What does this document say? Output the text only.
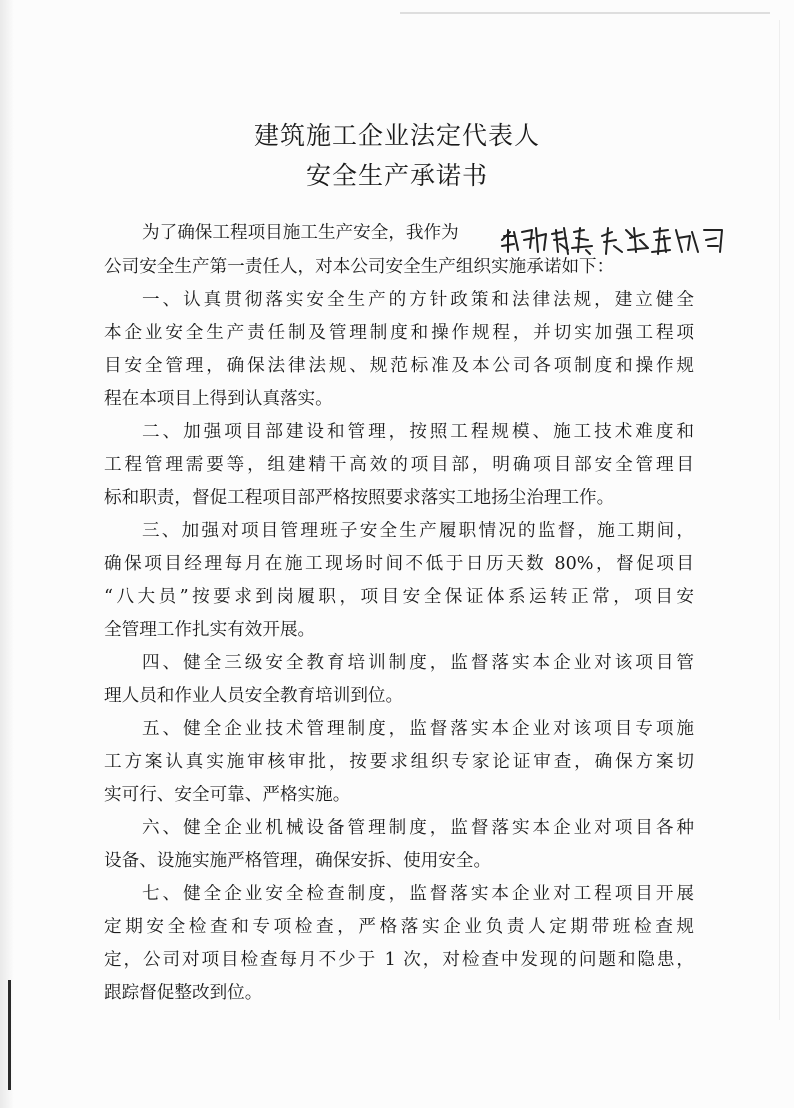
建筑施工企业法定代表人
安全生产承诺书
为了确保工程项目施工生产安全，我作为
公司安全生产第一责任人，对本公司安全生产组织实施承诺如下：
一、认真贯彻落实安全生产的方针政策和法律法规，建立健全
本企业安全生产责任制及管理制度和操作规程，并切实加强工程项
目安全管理，确保法律法规、规范标准及本公司各项制度和操作规
程在本项目上得到认真落实。
二、加强项目部建设和管理，按照工程规模、施工技术难度和
工程管理需要等，组建精干高效的项目部，明确项目部安全管理目
标和职责，督促工程项目部严格按照要求落实工地扬尘治理工作。
三、加强对项目管理班子安全生产履职情况的监督，施工期间，
确保项目经理每月在施工现场时间不低于日历天数 80%，督促项目
“八大员”按要求到岗履职，项目安全保证体系运转正常，项目安
全管理工作扎实有效开展。
四、健全三级安全教育培训制度，监督落实本企业对该项目管
理人员和作业人员安全教育培训到位。
五、健全企业技术管理制度，监督落实本企业对该项目专项施
工方案认真实施审核审批，按要求组织专家论证审查，确保方案切
实可行、安全可靠、严格实施。
六、健全企业机械设备管理制度，监督落实本企业对项目各种
设备、设施实施严格管理，确保安拆、使用安全。
七、健全企业安全检查制度，监督落实本企业对工程项目开展
定期安全检查和专项检查，严格落实企业负责人定期带班检查规
定，公司对项目检查每月不少于 1 次，对检查中发现的问题和隐患，
跟踪督促整改到位。
